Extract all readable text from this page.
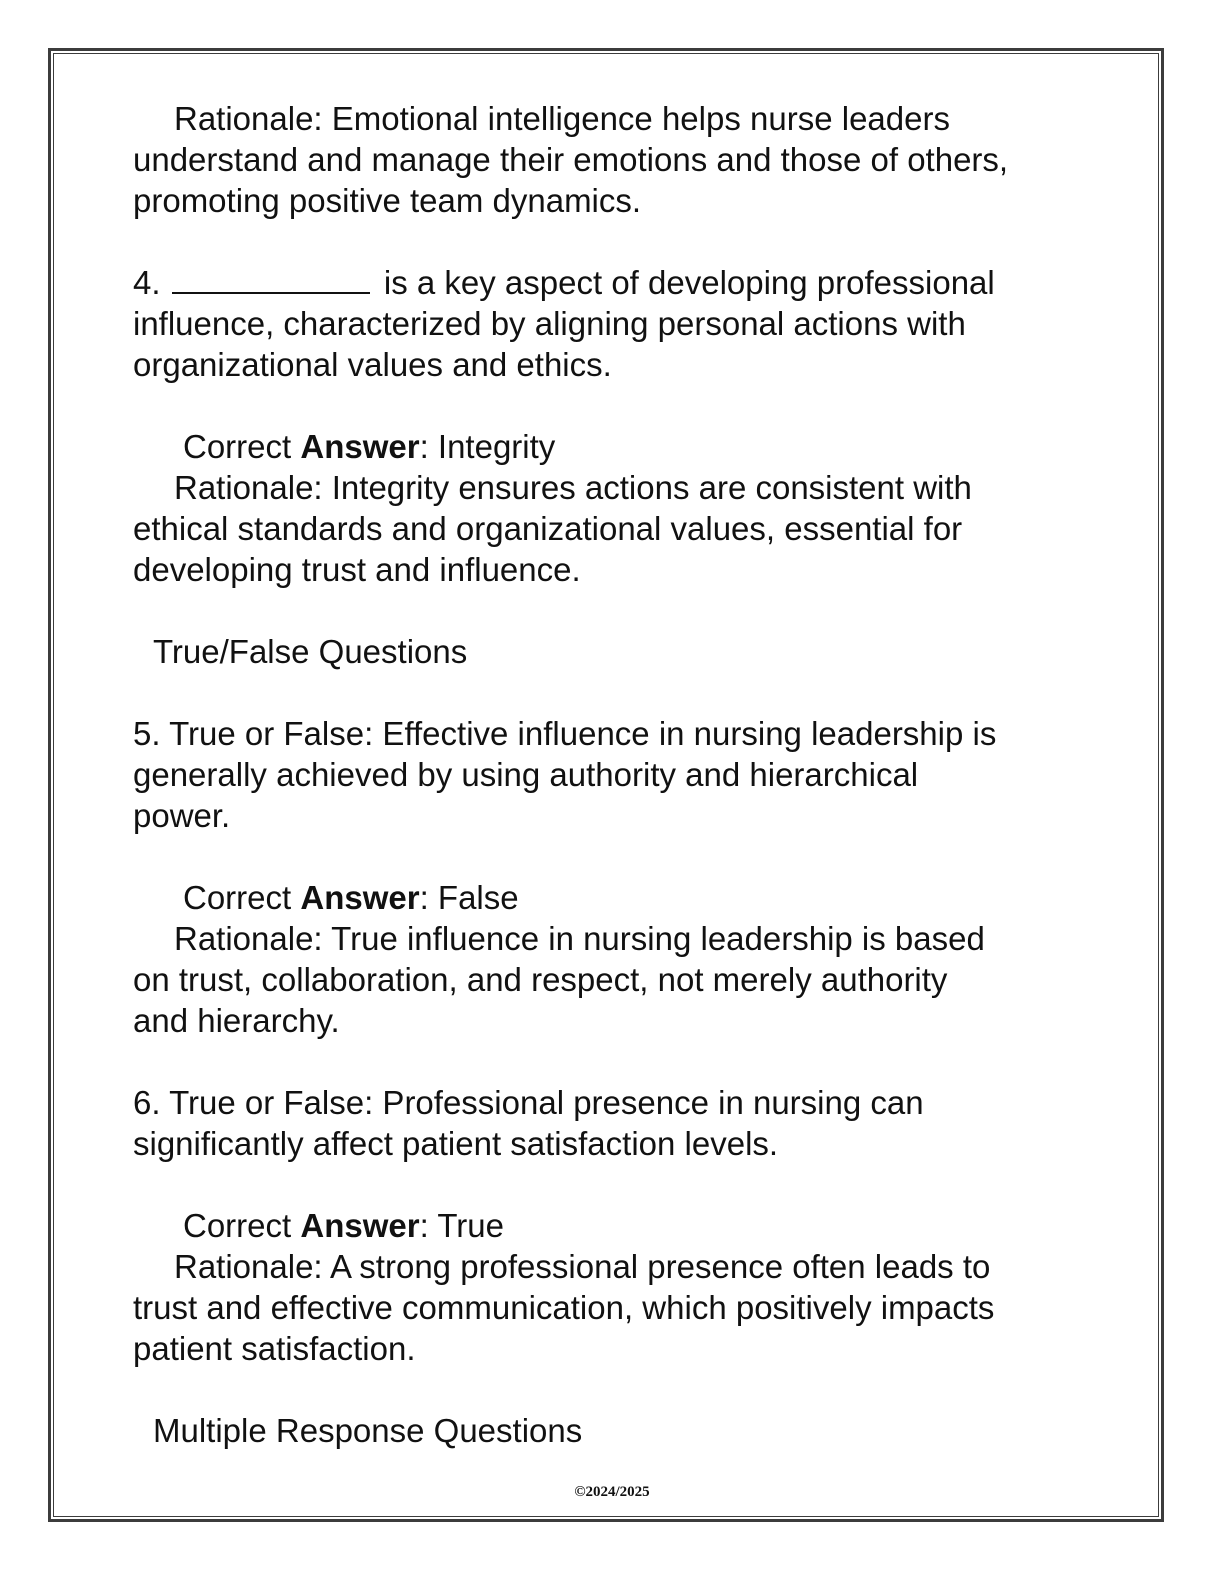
Rationale: Emotional intelligence helps nurse leaders
understand and manage their emotions and those of others,
promoting positive team dynamics.
4.	is a key aspect of developing professional
influence, characterized by aligning personal actions with
organizational values and ethics.
Correct Answer: Integrity
Rationale: Integrity ensures actions are consistent with
ethical standards and organizational values, essential for
developing trust and influence.
True/False Questions
5. True or False: Effective influence in nursing leadership is
generally achieved by using authority and hierarchical
power.
Correct Answer: False
Rationale: True influence in nursing leadership is based
on trust, collaboration, and respect, not merely authority
and hierarchy.
6. True or False: Professional presence in nursing can
significantly affect patient satisfaction levels.
Correct Answer: True
Rationale: A strong professional presence often leads to
trust and effective communication, which positively impacts
patient satisfaction.
Multiple Response Questions
©2024/2025
